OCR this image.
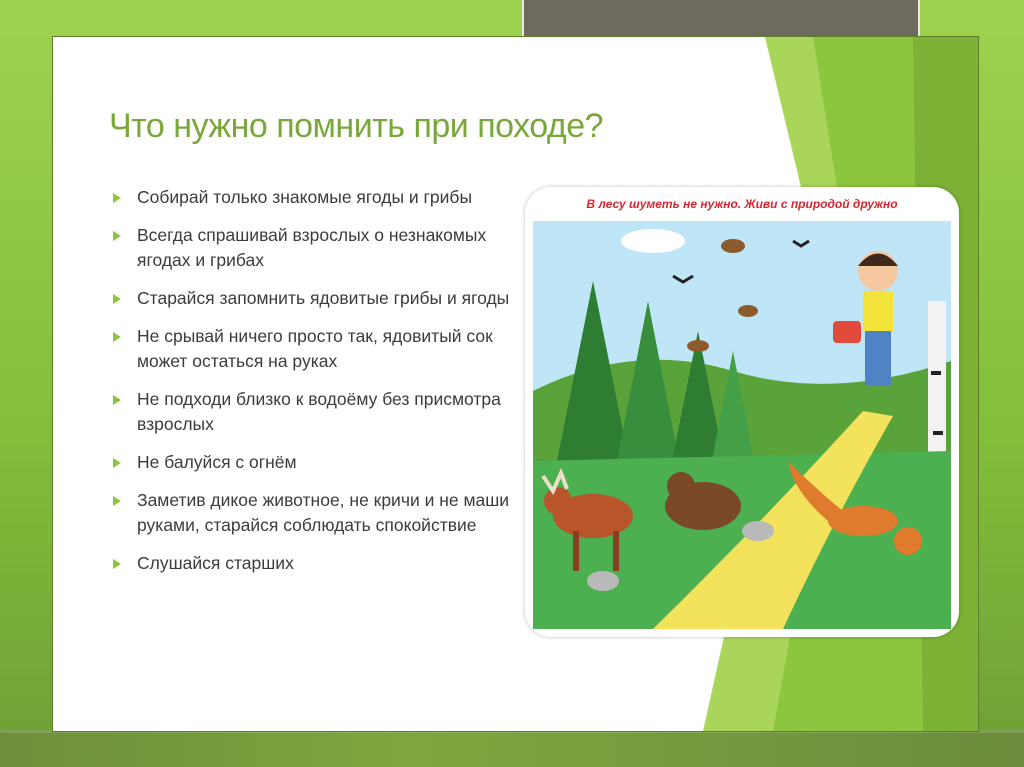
Что нужно помнить при походе?
Собирай только знакомые ягоды и грибы
Всегда спрашивай взрослых о незнакомых ягодах и грибах
Старайся запомнить ядовитые грибы и ягоды
Не срывай ничего просто так, ядовитый сок может остаться на руках
Не подходи близко к водоёму без присмотра взрослых
Не балуйся с огнём
Заметив дикое животное, не кричи и не маши руками, старайся соблюдать спокойствие
Слушайся старших
В лесу шуметь не нужно. Живи с природой дружно
